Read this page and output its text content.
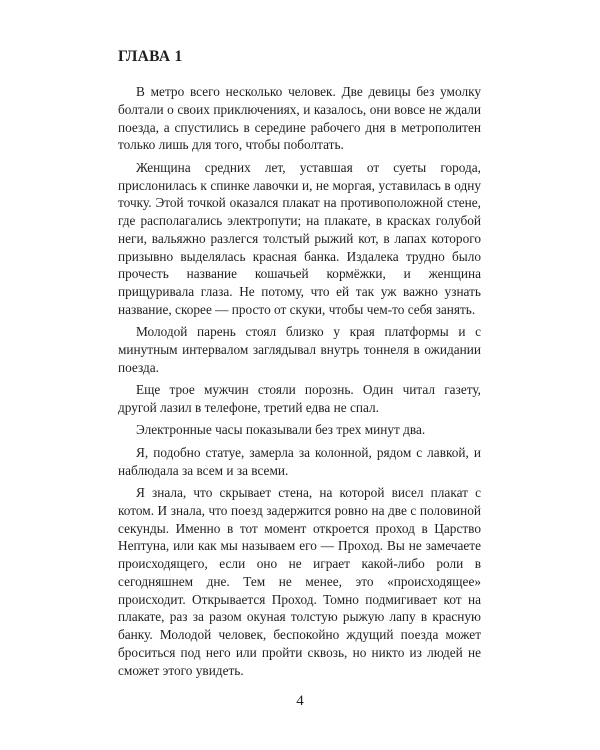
ГЛАВА 1

В метро всего несколько человек. Две девицы без умолку болтали о своих приключениях, и казалось, они вовсе не ждали поезда, а спустились в середине рабочего дня в метрополитен только лишь для того, чтобы поболтать.

Женщина средних лет, уставшая от суеты города, прислонилась к спинке лавочки и, не моргая, уставилась в одну точку. Этой точкой оказался плакат на противоположной стене, где располагались электропути; на плакате, в красках голубой неги, вальяжно разлегся толстый рыжий кот, в лапах которого призывно выделялась красная банка. Издалека трудно было прочесть название кошачьей кормёжки, и женщина прищуривала глаза. Не потому, что ей так уж важно узнать название, скорее — просто от скуки, чтобы чем-то себя занять.

Молодой парень стоял близко у края платформы и с минутным интервалом заглядывал внутрь тоннеля в ожидании поезда.

Еще трое мужчин стояли порознь. Один читал газету, другой лазил в телефоне, третий едва не спал.

Электронные часы показывали без трех минут два.

Я, подобно статуе, замерла за колонной, рядом с лавкой, и наблюдала за всем и за всеми.

Я знала, что скрывает стена, на которой висел плакат с котом. И знала, что поезд задержится ровно на две с половиной секунды. Именно в тот момент откроется проход в Царство Нептуна, или как мы называем его — Проход. Вы не замечаете происходящего, если оно не играет какой-либо роли в сегодняшнем дне. Тем не менее, это «происходящее» происходит. Открывается Проход. Томно подмигивает кот на плакате, раз за разом окуная толстую рыжую лапу в красную банку. Молодой человек, беспокойно ждущий поезда может броситься под него или пройти сквозь, но никто из людей не сможет этого увидеть.

4
